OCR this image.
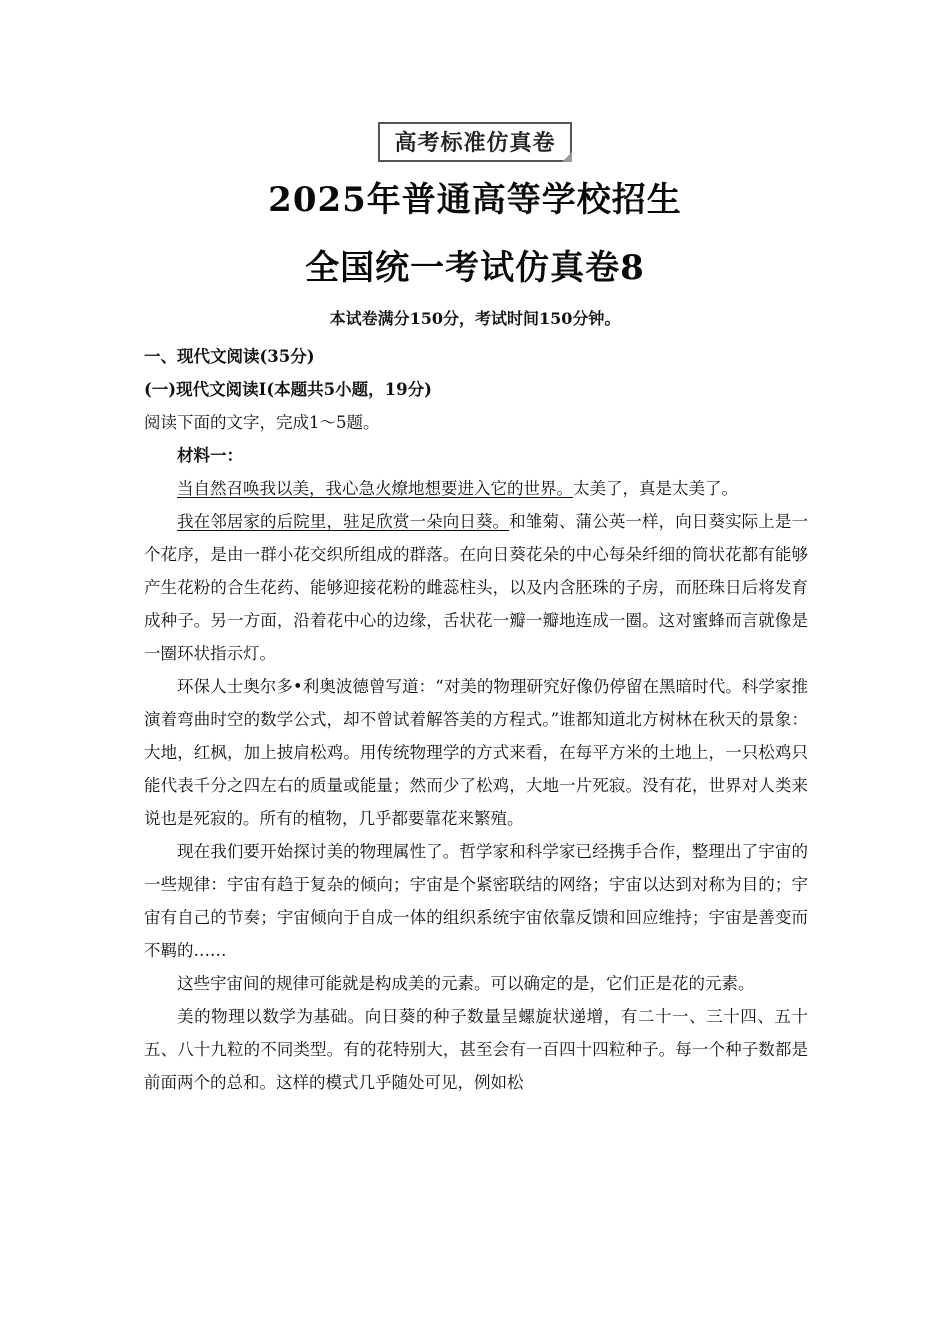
高考标准仿真卷
2025年普通高等学校招生
全国统一考试仿真卷8
本试卷满分150分，考试时间150分钟。

一、现代文阅读(35分)

(一)现代文阅读Ⅰ(本题共5小题，19分)

阅读下面的文字，完成1～5题。

材料一：

当自然召唤我以美，我心急火燎地想要进入它的世界。太美了，真是太美了。

我在邻居家的后院里，驻足欣赏一朵向日葵。和雏菊、蒲公英一样，向日葵实际上是一个花序，是由一群小花交织所组成的群落。在向日葵花朵的中心每朵纤细的筒状花都有能够产生花粉的合生花药、能够迎接花粉的雌蕊柱头，以及内含胚珠的子房，而胚珠日后将发育成种子。另一方面，沿着花中心的边缘，舌状花一瓣一瓣地连成一圈。这对蜜蜂而言就像是一圈环状指示灯。

环保人士奥尔多•利奥波德曾写道：“对美的物理研究好像仍停留在黑暗时代。科学家推演着弯曲时空的数学公式，却不曾试着解答美的方程式。”谁都知道北方树林在秋天的景象：大地，红枫，加上披肩松鸡。用传统物理学的方式来看，在每平方米的土地上，一只松鸡只能代表千分之四左右的质量或能量；然而少了松鸡，大地一片死寂。没有花，世界对人类来说也是死寂的。所有的植物，几乎都要靠花来繁殖。

现在我们要开始探讨美的物理属性了。哲学家和科学家已经携手合作，整理出了宇宙的一些规律：宇宙有趋于复杂的倾向；宇宙是个紧密联结的网络；宇宙以达到对称为目的；宇宙有自己的节奏；宇宙倾向于自成一体的组织系统宇宙依靠反馈和回应维持；宇宙是善变而不羁的……

这些宇宙间的规律可能就是构成美的元素。可以确定的是，它们正是花的元素。

美的物理以数学为基础。向日葵的种子数量呈螺旋状递增，有二十一、三十四、五十五、八十九粒的不同类型。有的花特别大，甚至会有一百四十四粒种子。每一个种子数都是前面两个的总和。这样的模式几乎随处可见，例如松
